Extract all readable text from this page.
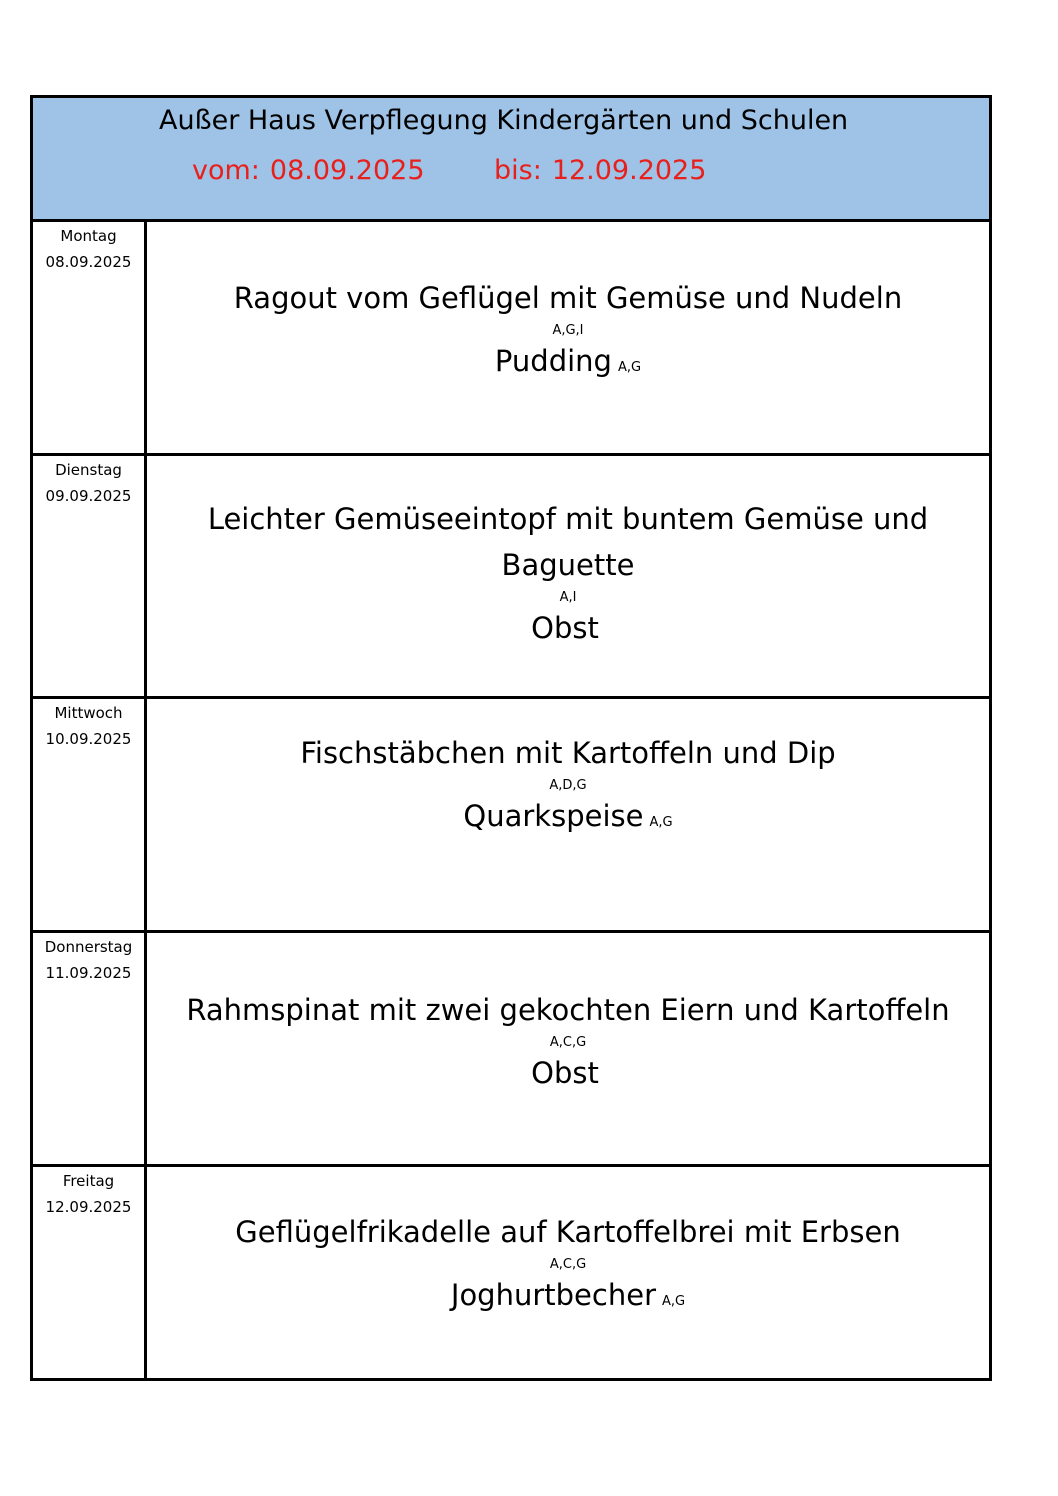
Außer Haus Verpflegung Kindergärten und Schulen
vom: 08.09.2025	bis: 12.09.2025
Montag
08.09.2025
Ragout vom Geflügel mit Gemüse und Nudeln
A,G,I
Pudding A,G
Dienstag
09.09.2025
Leichter Gemüseeintopf mit buntem Gemüse und Baguette
A,I
Obst
Mittwoch
10.09.2025	Fischstäbchen mit Kartoffeln und Dip
A,D,G
Quarkspeise A,G
Donnerstag
11.09.2025
Rahmspinat mit zwei gekochten Eiern und Kartoffeln
A,C,G
Obst
Freitag
12.09.2025
Geflügelfrikadelle auf Kartoffelbrei mit Erbsen
A,C,G
Joghurtbecher A,G
